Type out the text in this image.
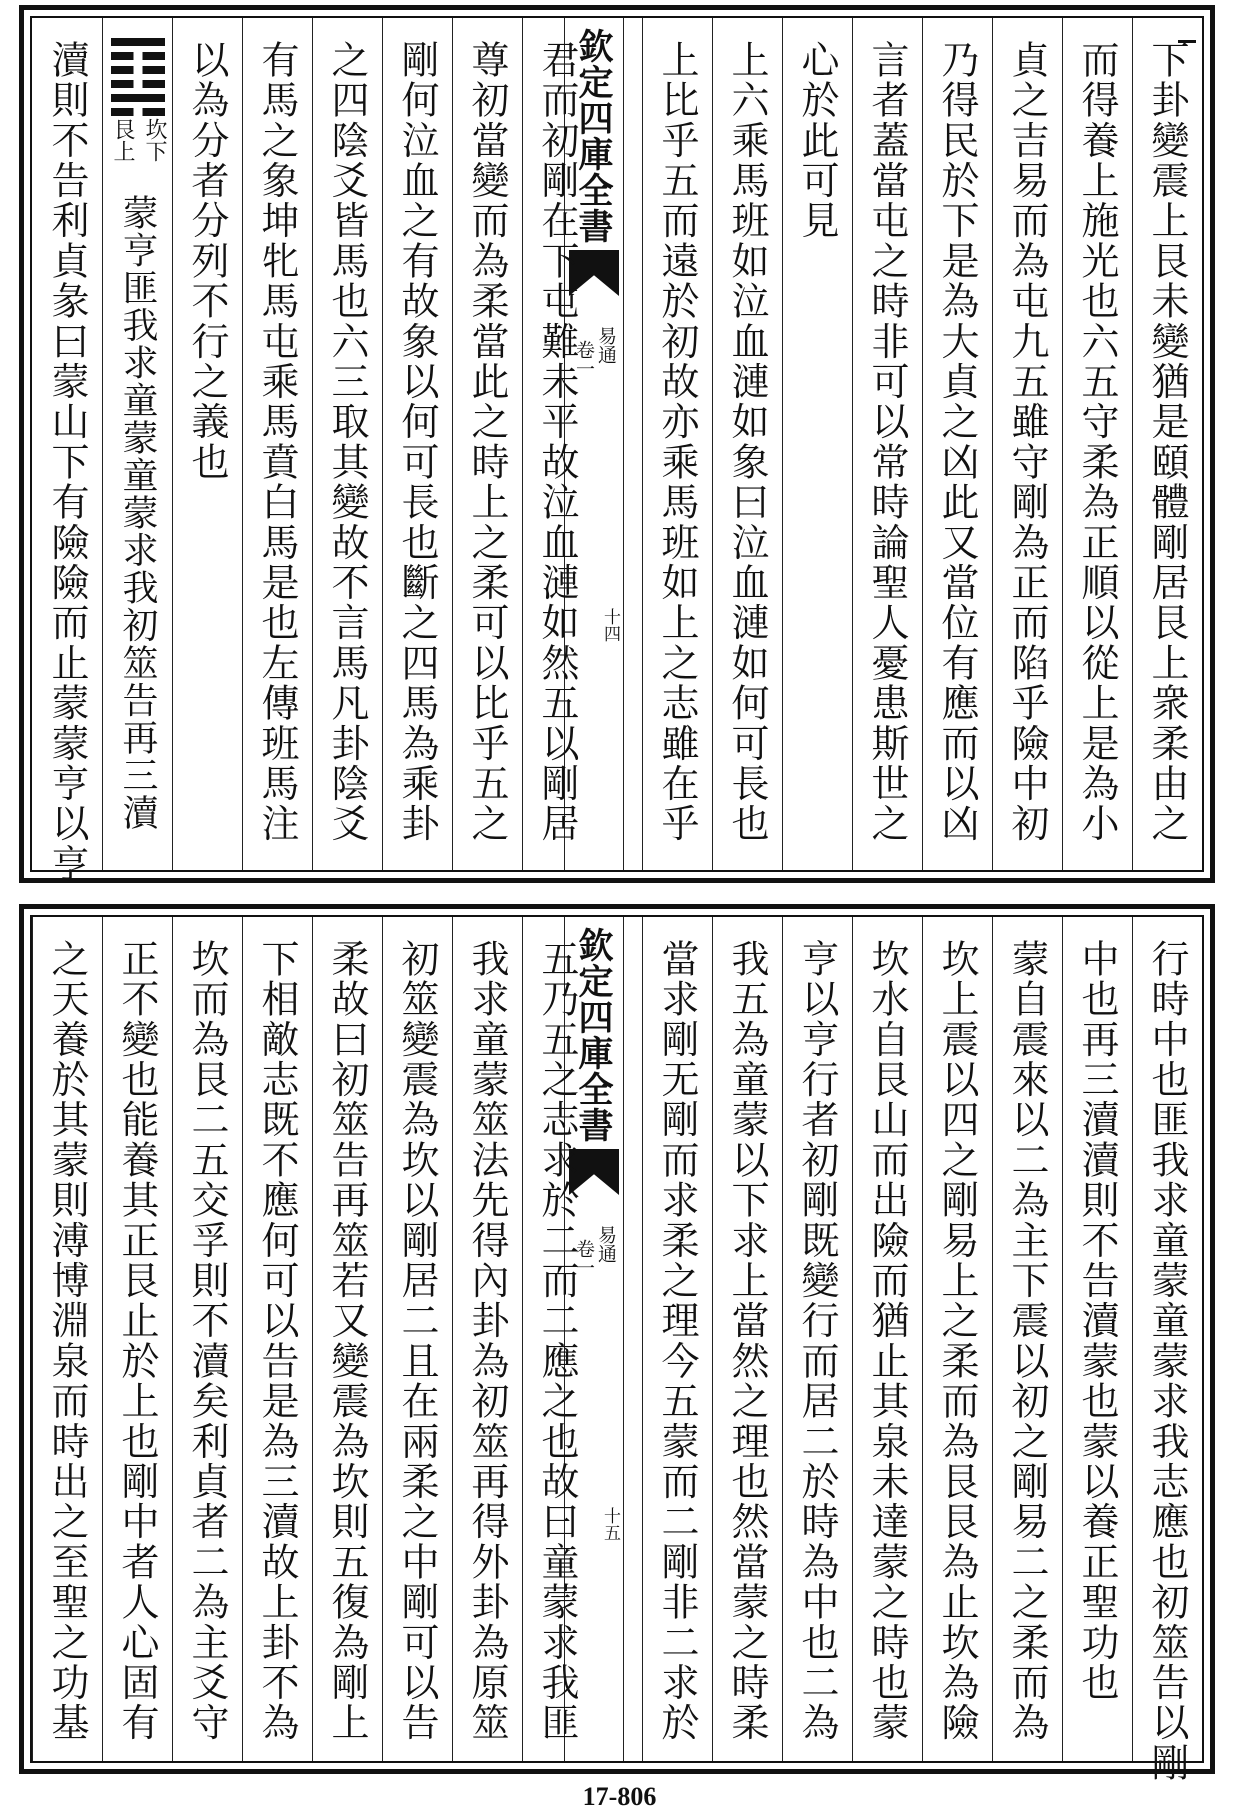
下卦變震上艮未變猶是頤體剛居艮上衆柔由之
而得養上施光也六五守柔為正順以從上是為小
貞之吉易而為屯九五雖守剛為正而陷乎險中初
乃得民於下是為大貞之凶此又當位有應而以凶
言者蓋當屯之時非可以常時論聖人憂患斯世之
心於此可見
上六乘馬班如泣血漣如象曰泣血漣如何可長也
上比乎五而遠於初故亦乘馬班如上之志雖在乎
欽定四庫全書
易通
卷一
十四
君而初剛在下屯難未平故泣血漣如然五以剛居
尊初當變而為柔當此之時上之柔可以比乎五之
剛何泣血之有故象以何可長也斷之四馬為乘卦
之四陰爻皆馬也六三取其變故不言馬凡卦陰爻
有馬之象坤牝馬屯乘馬賁白馬是也左傳班馬注
以為分者分列不行之義也
坎下
艮上
蒙亨匪我求童蒙童蒙求我初筮告再三瀆
瀆則不告利貞彖曰蒙山下有險險而止蒙蒙亨以亨
行時中也匪我求童蒙童蒙求我志應也初筮告以剛
中也再三瀆瀆則不告瀆蒙也蒙以養正聖功也
蒙自震來以二為主下震以初之剛易二之柔而為
坎上震以四之剛易上之柔而為艮艮為止坎為險
坎水自艮山而出險而猶止其泉未達蒙之時也蒙
亨以亨行者初剛既變行而居二於時為中也二為
我五為童蒙以下求上當然之理也然當蒙之時柔
當求剛无剛而求柔之理今五蒙而二剛非二求於
欽定四庫全書
易通
卷一
十五
五乃五之志求於二而二應之也故曰童蒙求我匪
我求童蒙筮法先得內卦為初筮再得外卦為原筮
初筮變震為坎以剛居二且在兩柔之中剛可以告
柔故曰初筮告再筮若又變震為坎則五復為剛上
下相敵志既不應何可以告是為三瀆故上卦不為
坎而為艮二五交孚則不瀆矣利貞者二為主爻守
正不變也能養其正艮止於上也剛中者人心固有
之天養於其蒙則溥博淵泉而時出之至聖之功基
17-806
